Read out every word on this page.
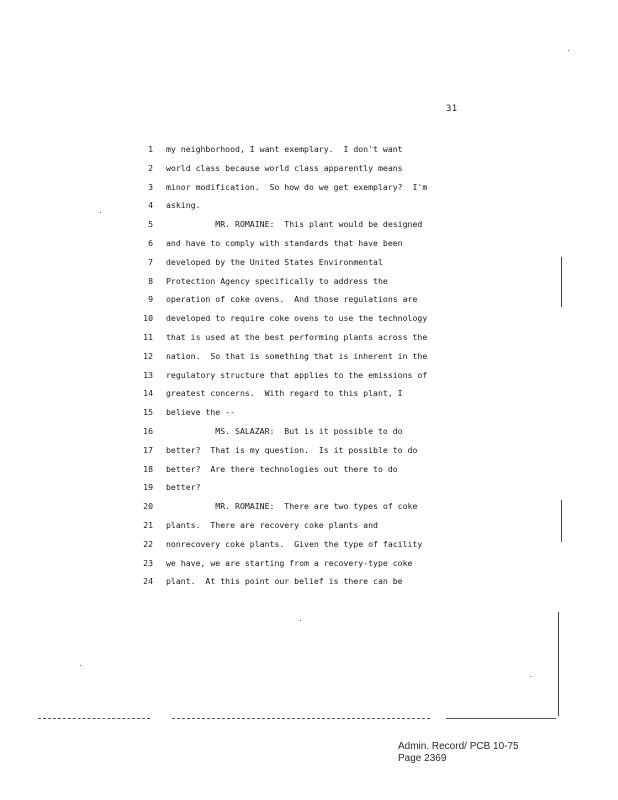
31
1 my neighborhood, I want exemplary.  I don't want
2 world class because world class apparently means
3 minor modification.  So how do we get exemplary?  I'm
4 asking.
5 MR. ROMAINE:  This plant would be designed
6 and have to comply with standards that have been
7 developed by the United States Environmental
8 Protection Agency specifically to address the
9 operation of coke ovens.  And those regulations are
10 developed to require coke ovens to use the technology
11 that is used at the best performing plants across the
12 nation.  So that is something that is inherent in the
13 regulatory structure that applies to the emissions of
14 greatest concerns.  With regard to this plant, I
15 believe the --
16 MS. SALAZAR:  But is it possible to do
17 better?  That is my question.  Is it possible to do
18 better?  Are there technologies out there to do
19 better?
20 MR. ROMAINE:  There are two types of coke
21 plants.  There are recovery coke plants and
22 nonrecovery coke plants.  Given the type of facility
23 we have, we are starting from a recovery-type coke
24 plant.  At this point our belief is there can be
Admin. Record/ PCB 10-75
Page 2369
